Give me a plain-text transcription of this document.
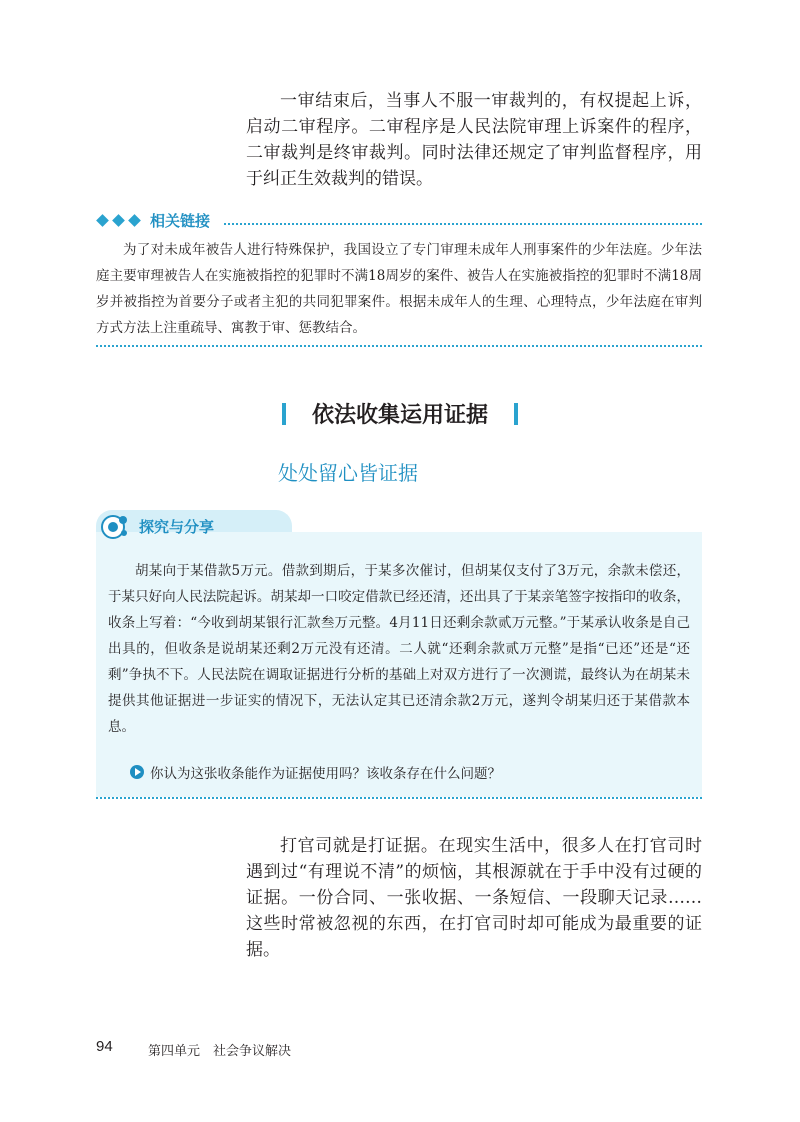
一审结束后，当事人不服一审裁判的，有权提起上诉，启动二审程序。二审程序是人民法院审理上诉案件的程序，二审裁判是终审裁判。同时法律还规定了审判监督程序，用于纠正生效裁判的错误。

相关链接

为了对未成年被告人进行特殊保护，我国设立了专门审理未成年人刑事案件的少年法庭。少年法庭主要审理被告人在实施被指控的犯罪时不满18周岁的案件、被告人在实施被指控的犯罪时不满18周岁并被指控为首要分子或者主犯的共同犯罪案件。根据未成年人的生理、心理特点，少年法庭在审判方式方法上注重疏导、寓教于审、惩教结合。

依法收集运用证据
处处留心皆证据
探究与分享

胡某向于某借款5万元。借款到期后，于某多次催讨，但胡某仅支付了3万元，余款未偿还，于某只好向人民法院起诉。胡某却一口咬定借款已经还清，还出具了于某亲笔签字按指印的收条，收条上写着：“今收到胡某银行汇款叁万元整。4月11日还剩余款贰万元整。”于某承认收条是自己出具的，但收条是说胡某还剩2万元没有还清。二人就“还剩余款贰万元整”是指“已还”还是“还剩”争执不下。人民法院在调取证据进行分析的基础上对双方进行了一次测谎，最终认为在胡某未提供其他证据进一步证实的情况下，无法认定其已还清余款2万元，遂判令胡某归还于某借款本息。

你认为这张收条能作为证据使用吗？该收条存在什么问题？

打官司就是打证据。在现实生活中，很多人在打官司时遇到过“有理说不清”的烦恼，其根源就在于手中没有过硬的证据。一份合同、一张收据、一条短信、一段聊天记录……这些时常被忽视的东西，在打官司时却可能成为最重要的证据。

94	第四单元　社会争议解决
